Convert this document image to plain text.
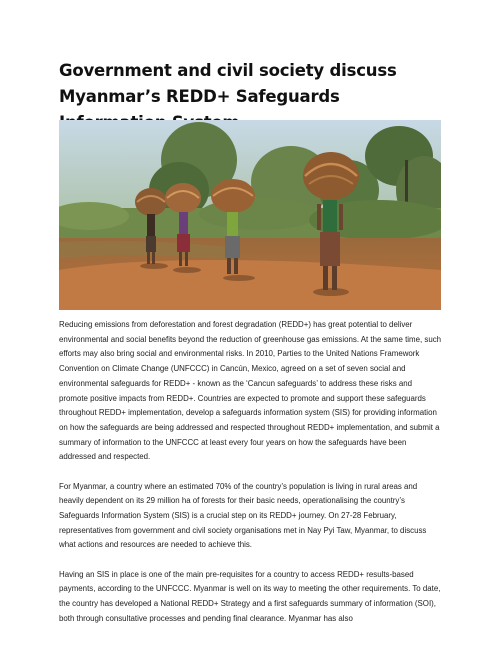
Government and civil society discuss Myanmar’s REDD+ Safeguards

Reducing emissions from deforestation and forest degradation (REDD+) has great potential to deliver environmental and social benefits beyond the reduction of greenhouse gas emissions. At the same time, such efforts may also bring social and environmental risks. In 2010, Parties to the United Nations Framework Convention on Climate Change (UNFCCC) in Cancún, Mexico, agreed on a set of seven social and environmental safeguards for REDD+ - known as the ‘Cancun safeguards’ to address these risks and promote positive impacts from REDD+. Countries are expected to promote and support these safeguards throughout REDD+ implementation, develop a safeguards information system (SIS) for providing information on how the safeguards are being addressed and respected throughout REDD+ implementation, and submit a summary of information to the UNFCCC at least every four years on how the safeguards have been addressed and respected.

For Myanmar, a country where an estimated 70% of the country’s population is living in rural areas and heavily dependent on its 29 million ha of forests for their basic needs, operationalising the country’s Safeguards Information System (SIS) is a crucial step on its REDD+ journey. On 27-28 February, representatives from government and civil society organisations met in Nay Pyi Taw, Myanmar, to discuss what actions and resources are needed to achieve this.

Having an SIS in place is one of the main pre-requisites for a country to access REDD+ results-based payments, according to the UNFCCC. Myanmar is well on its way to meeting the other requirements. To date, the country has developed a National REDD+ Strategy and a first safeguards summary of information (SOI), both through consultative processes and pending final clearance. Myanmar has also
